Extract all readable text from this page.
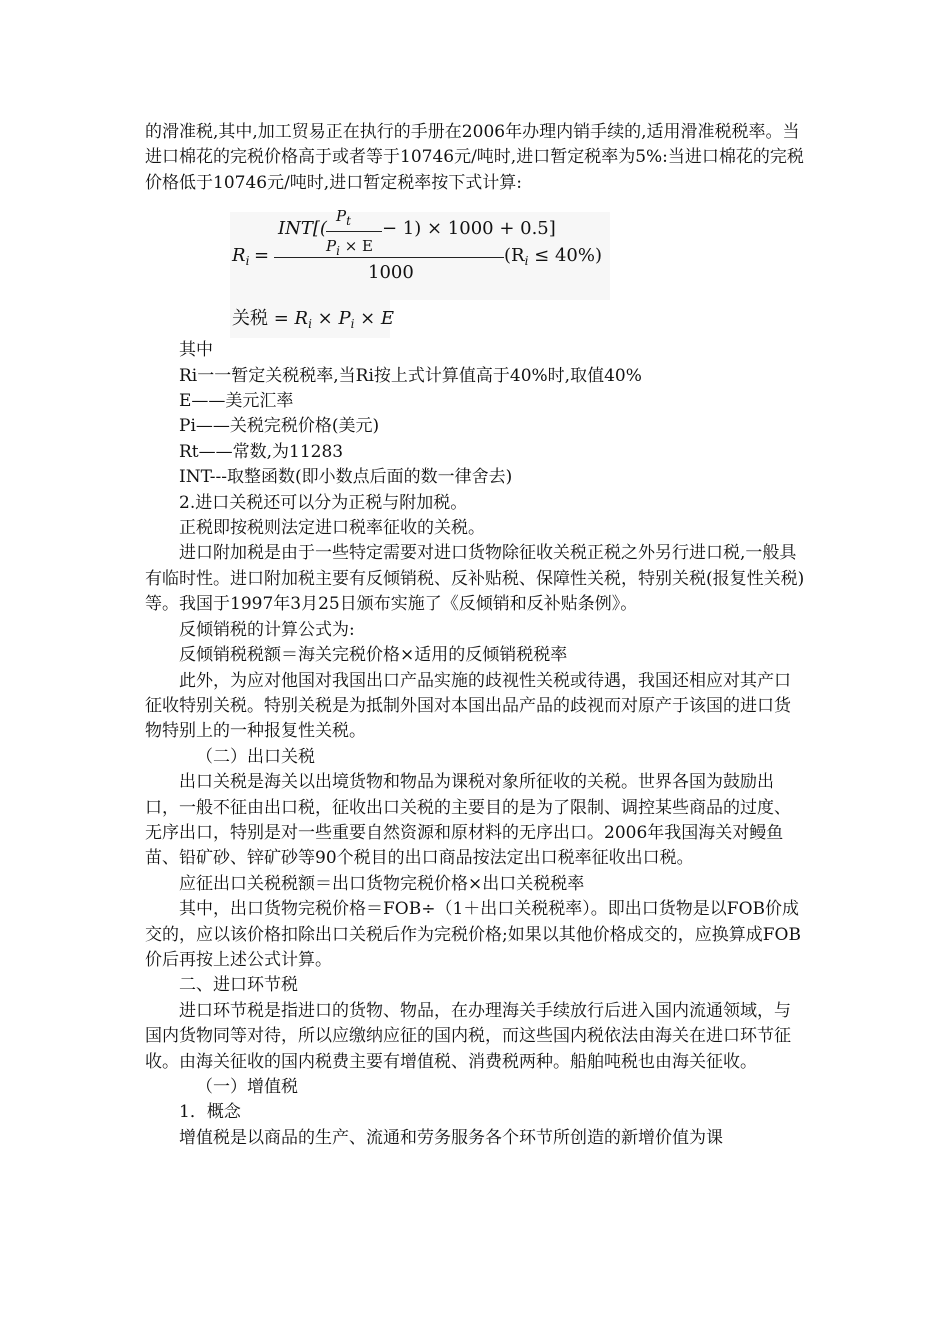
的滑准税,其中,加工贸易正在执行的手册在2006年办理内销手续的,适用滑准税税率。当进口棉花的完税价格高于或者等于10746元/吨时,进口暂定税率为5%:当进口棉花的完税价格低于10746元/吨时,进口暂定税率按下式计算:

$R_i$ =
INT[(
$P_t$
$P_i \times E$
− 1) × 1000 + 0.5]
1000
$(R_i \le 40\%)$
关税 = $R_i \times P_i \times E$

其中

Ri一一暂定关税税率,当Ri按上式计算值高于40%时,取值40%

E——美元汇率

Pi——关税完税价格(美元)

Rt——常数,为11283

INT---取整函数(即小数点后面的数一律舍去)

2.进口关税还可以分为正税与附加税。

正税即按税则法定进口税率征收的关税。

进口附加税是由于一些特定需要对进口货物除征收关税正税之外另行进口税,一般具有临时性。进口附加税主要有反倾销税、反补贴税、保障性关税，特别关税(报复性关税)等。我国于1997年3月25日颁布实施了《反倾销和反补贴条例》。

反倾销税的计算公式为:

反倾销税税额＝海关完税价格×适用的反倾销税税率

此外，为应对他国对我国出口产品实施的歧视性关税或待遇，我国还相应对其产口征收特别关税。特别关税是为抵制外国对本国出品产品的歧视而对原产于该国的进口货物特别上的一种报复性关税。

（二）出口关税

出口关税是海关以出境货物和物品为课税对象所征收的关税。世界各国为鼓励出口，一般不征由出口税，征收出口关税的主要目的是为了限制、调控某些商品的过度、无序出口，特别是对一些重要自然资源和原材料的无序出口。2006年我国海关对鳗鱼苗、铅矿砂、锌矿砂等90个税目的出口商品按法定出口税率征收出口税。

应征出口关税税额＝出口货物完税价格×出口关税税率

其中，出口货物完税价格＝FOB÷（1＋出口关税税率）。即出口货物是以FOB价成交的，应以该价格扣除出口关税后作为完税价格;如果以其他价格成交的，应换算成FOB价后再按上述公式计算。

二、进口环节税

进口环节税是指进口的货物、物品，在办理海关手续放行后进入国内流通领域，与国内货物同等对待，所以应缴纳应征的国内税，而这些国内税依法由海关在进口环节征收。由海关征收的国内税费主要有增值税、消费税两种。船舶吨税也由海关征收。

（一）增值税

1．概念

增值税是以商品的生产、流通和劳务服务各个环节所创造的新增价值为课
